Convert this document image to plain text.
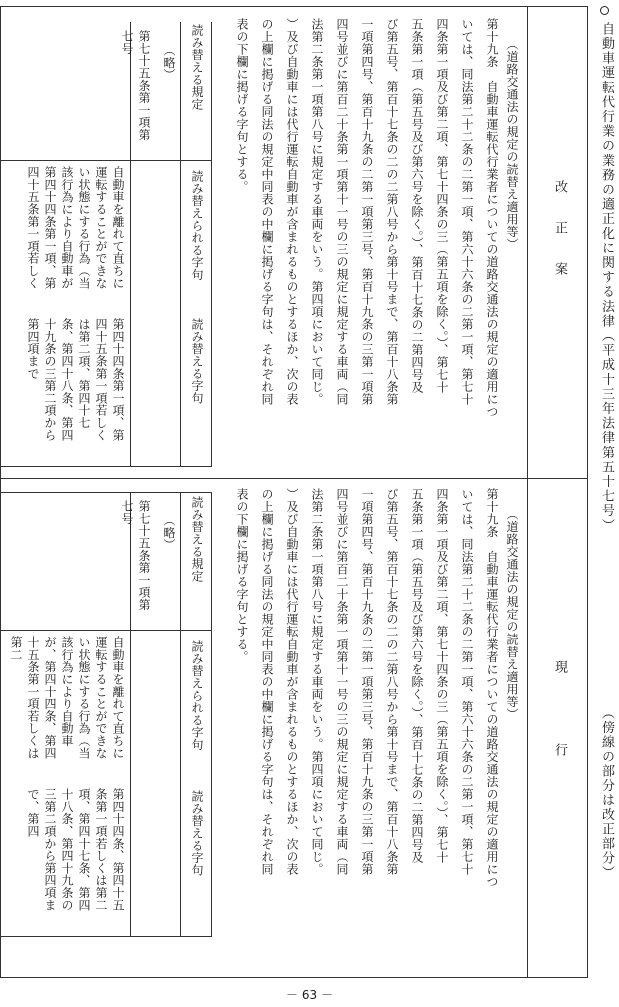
自動車運転代行業の業務の適正化に関する法律（平成十三年法律第五十七号）
（傍線の部分は改正部分）
改正案
現行
（道路交通法の規定の読替え適用等）
第十九条　自動車運転代行業者についての道路交通法の規定の適用につ
いては、同法第二十二条の二第一項、第六十六条の二第一項、第七十
四条第一項及び第二項、第七十四条の三（第五項を除く。）、第七十
五条第一項（第五号及び第六号を除く。）、第百十七条の二第四号及
び第五号、第百十七条の二の二第八号から第十号まで、第百十八条第
一項第四号、第百十九条の二第一項第三号、第百十九条の三第一項第
四号並びに第百二十条第一項第十一号の三の規定に規定する車両（同
法第二条第一項第八号に規定する車両をいう。第四項において同じ。
）及び自動車には代行運転自動車が含まれるものとするほか、次の表
の上欄に掲げる同法の規定中同表の中欄に掲げる字句は、それぞれ同
表の下欄に掲げる字句とする。
読み替える規定
読み替えられる字句
読み替える字句
（略）
第七十五条第一項第七号
自動車を離れて直ちに運転することができない状態にする行為（当該行為により自動車が第四十四条第一項、第四十五条第一項若しく
第四十四条第一項、第四十五条第一項若しくは第二項、第四十七条、第四十八条、第四十九条の三第二項から第四項まで
（道路交通法の規定の読替え適用等）
第十九条　自動車運転代行業者についての道路交通法の規定の適用につ
いては、同法第二十二条の二第一項、第六十六条の二第一項、第七十
四条第一項及び第二項、第七十四条の三（第五項を除く。）、第七十
五条第一項（第五号及び第六号を除く。）、第百十七条の二第四号及
び第五号、第百十七条の二の二第八号から第十号まで、第百十八条第
一項第四号、第百十九条の二第一項第三号、第百十九条の三第一項第
四号並びに第百二十条第一項第十一号の三の規定に規定する車両（同
法第二条第一項第八号に規定する車両をいう。第四項において同じ。
）及び自動車には代行運転自動車が含まれるものとするほか、次の表
の上欄に掲げる同法の規定中同表の中欄に掲げる字句は、それぞれ同
表の下欄に掲げる字句とする。
読み替える規定
読み替えられる字句
読み替える字句
（略）
第七十五条第一項第七号
自動車を離れて直ちに運転することができない状態にする行為（当該行為により自動車が、第四十四条、第四十五条第一項若しくは第二
第四十四条、第四十五条第一項若しくは第二項、第四十七条、第四十八条、第四十九条の三第二項から第四項まで、第四
－ 63 －
